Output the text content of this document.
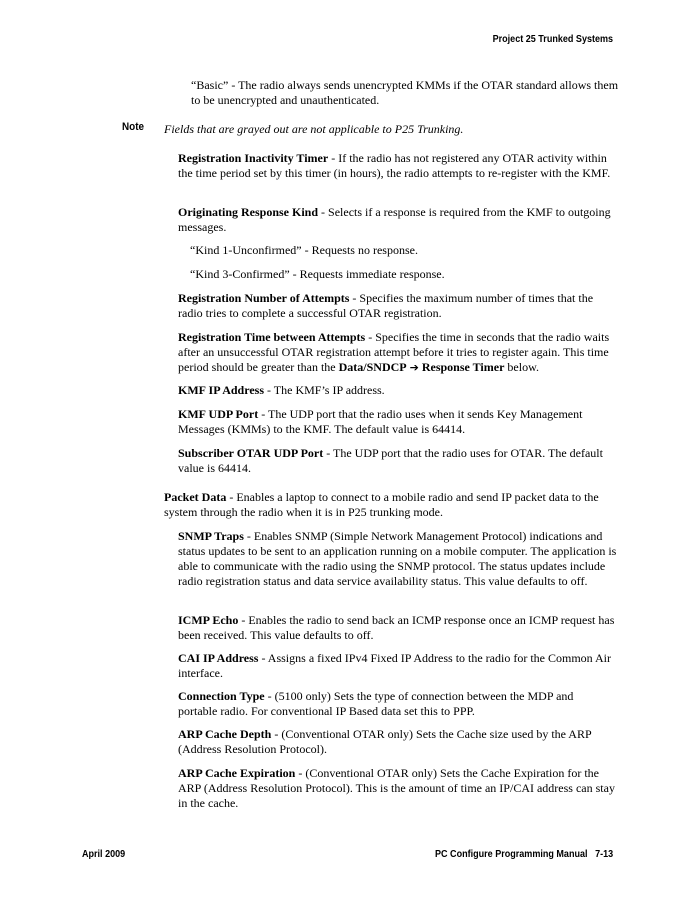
Project 25 Trunked Systems

“Basic” - The radio always sends unencrypted KMMs if the OTAR standard allows them to be unencrypted and unauthenticated.

Note Fields that are grayed out are not applicable to P25 Trunking.

Registration Inactivity Timer - If the radio has not registered any OTAR activity within the time period set by this timer (in hours), the radio attempts to re-register with the KMF.

Originating Response Kind - Selects if a response is required from the KMF to outgoing messages.

“Kind 1-Unconfirmed” - Requests no response.

“Kind 3-Confirmed” - Requests immediate response.

Registration Number of Attempts - Specifies the maximum number of times that the radio tries to complete a successful OTAR registration.

Registration Time between Attempts - Specifies the time in seconds that the radio waits after an unsuccessful OTAR registration attempt before it tries to register again. This time period should be greater than the Data/SNDCP ➔ Response Timer below.

KMF IP Address - The KMF’s IP address.

KMF UDP Port - The UDP port that the radio uses when it sends Key Management Messages (KMMs) to the KMF. The default value is 64414.

Subscriber OTAR UDP Port - The UDP port that the radio uses for OTAR. The default value is 64414.

Packet Data - Enables a laptop to connect to a mobile radio and send IP packet data to the system through the radio when it is in P25 trunking mode.

SNMP Traps - Enables SNMP (Simple Network Management Protocol) indications and status updates to be sent to an application running on a mobile computer. The application is able to communicate with the radio using the SNMP protocol. The status updates include radio registration status and data service availability status. This value defaults to off.

ICMP Echo - Enables the radio to send back an ICMP response once an ICMP request has been received. This value defaults to off.

CAI IP Address - Assigns a fixed IPv4 Fixed IP Address to the radio for the Common Air interface.

Connection Type - (5100 only) Sets the type of connection between the MDP and portable radio. For conventional IP Based data set this to PPP.

ARP Cache Depth - (Conventional OTAR only) Sets the Cache size used by the ARP (Address Resolution Protocol).

ARP Cache Expiration - (Conventional OTAR only) Sets the Cache Expiration for the ARP (Address Resolution Protocol). This is the amount of time an IP/CAI address can stay in the cache.

April 2009	PC Configure Programming Manual 7-13
